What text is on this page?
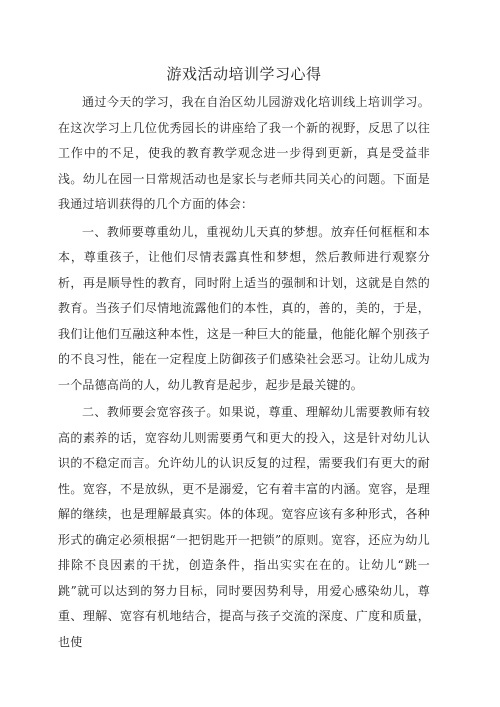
游戏活动培训学习心得

通过今天的学习，我在自治区幼儿园游戏化培训线上培训学习。在这次学习上几位优秀园长的讲座给了我一个新的视野，反思了以往工作中的不足，使我的教育教学观念进一步得到更新，真是受益非浅。幼儿在园一日常规活动也是家长与老师共同关心的问题。下面是我通过培训获得的几个方面的体会：

一、教师要尊重幼儿，重视幼儿天真的梦想。放弃任何框框和本本，尊重孩子，让他们尽情表露真性和梦想，然后教师进行观察分析，再是顺导性的教育，同时附上适当的强制和计划，这就是自然的教育。当孩子们尽情地流露他们的本性，真的，善的，美的，于是，我们让他们互融这种本性，这是一种巨大的能量，他能化解个别孩子的不良习性，能在一定程度上防御孩子们感染社会恶习。让幼儿成为一个品德高尚的人，幼儿教育是起步，起步是最关键的。

二、教师要会宽容孩子。如果说，尊重、理解幼儿需要教师有较高的素养的话，宽容幼儿则需要勇气和更大的投入，这是针对幼儿认识的不稳定而言。允许幼儿的认识反复的过程，需要我们有更大的耐性。宽容，不是放纵，更不是溺爱，它有着丰富的内涵。宽容，是理解的继续，也是理解最真实。体的体现。宽容应该有多种形式，各种形式的确定必须根据“一把钥匙开一把锁”的原则。宽容，还应为幼儿排除不良因素的干扰，创造条件，指出实实在在的。让幼儿“跳一跳”就可以达到的努力目标，同时要因势利导，用爱心感染幼儿，尊重、理解、宽容有机地结合，提高与孩子交流的深度、广度和质量，也使
